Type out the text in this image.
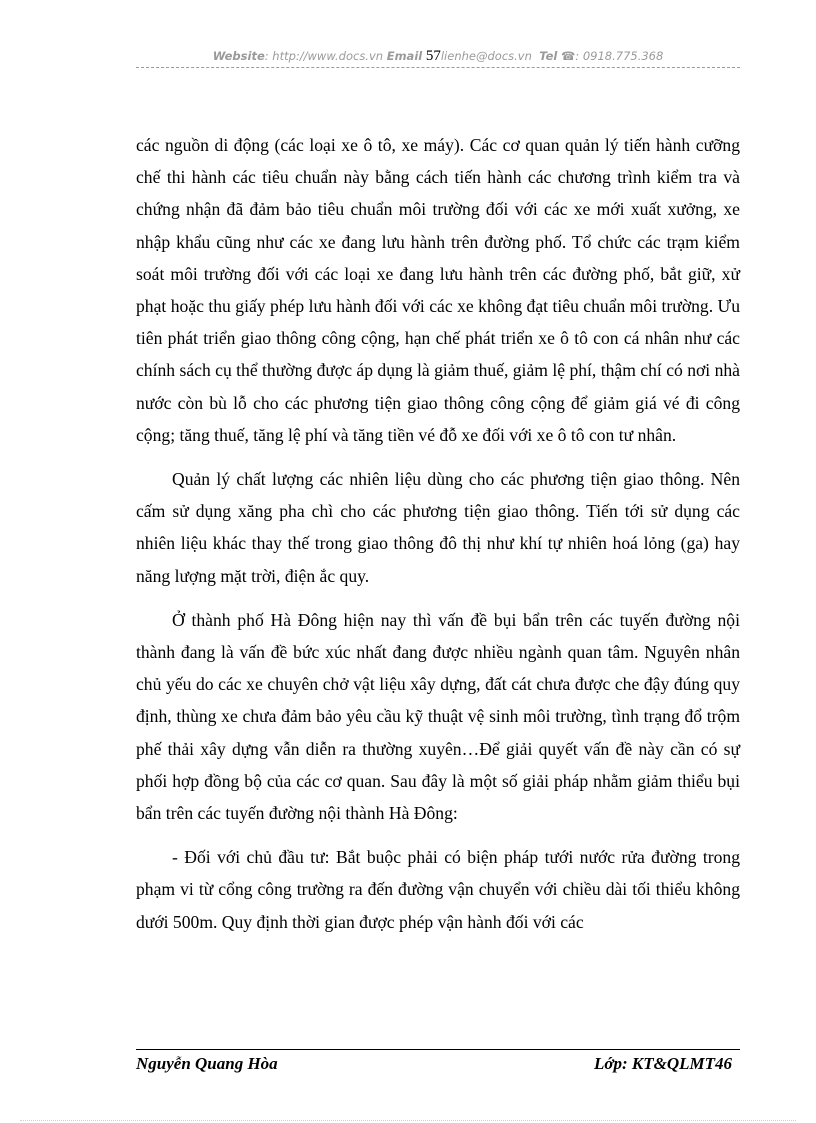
Website: http://www.docs.vn Email 57lienhe@docs.vn Tel ☎: 0918.775.368

các nguồn di động (các loại xe ô tô, xe máy). Các cơ quan quản lý tiến hành cưỡng chế thi hành các tiêu chuẩn này bằng cách tiến hành các chương trình kiểm tra và chứng nhận đã đảm bảo tiêu chuẩn môi trường đối với các xe mới xuất xưởng, xe nhập khẩu cũng như các xe đang lưu hành trên đường phố. Tổ chức các trạm kiểm soát môi trường đối với các loại xe đang lưu hành trên các đường phố, bắt giữ, xử phạt hoặc thu giấy phép lưu hành đối với các xe không đạt tiêu chuẩn môi trường. Ưu tiên phát triển giao thông công cộng, hạn chế phát triển xe ô tô con cá nhân như các chính sách cụ thể thường được áp dụng là giảm thuế, giảm lệ phí, thậm chí có nơi nhà nước còn bù lỗ cho các phương tiện giao thông công cộng để giảm giá vé đi công cộng; tăng thuế, tăng lệ phí và tăng tiền vé đỗ xe đối với xe ô tô con tư nhân.

Quản lý chất lượng các nhiên liệu dùng cho các phương tiện giao thông. Nên cấm sử dụng xăng pha chì cho các phương tiện giao thông. Tiến tới sử dụng các nhiên liệu khác thay thế trong giao thông đô thị như khí tự nhiên hoá lỏng (ga) hay năng lượng mặt trời, điện ắc quy.

Ở thành phố Hà Đông hiện nay thì vấn đề bụi bẩn trên các tuyến đường nội thành đang là vấn đề bức xúc nhất đang được nhiều ngành quan tâm. Nguyên nhân chủ yếu do các xe chuyên chở vật liệu xây dựng, đất cát chưa được che đậy đúng quy định, thùng xe chưa đảm bảo yêu cầu kỹ thuật vệ sinh môi trường, tình trạng đổ trộm phế thải xây dựng vẫn diễn ra thường xuyên…Để giải quyết vấn đề này cần có sự phối hợp đồng bộ của các cơ quan. Sau đây là một số giải pháp nhằm giảm thiểu bụi bẩn trên các tuyến đường nội thành Hà Đông:

- Đối với chủ đầu tư: Bắt buộc phải có biện pháp tưới nước rửa đường trong phạm vi từ cổng công trường ra đến đường vận chuyển với chiều dài tối thiểu không dưới 500m. Quy định thời gian được phép vận hành đối với các

Nguyễn Quang Hòa	Lớp: KT&QLMT46
